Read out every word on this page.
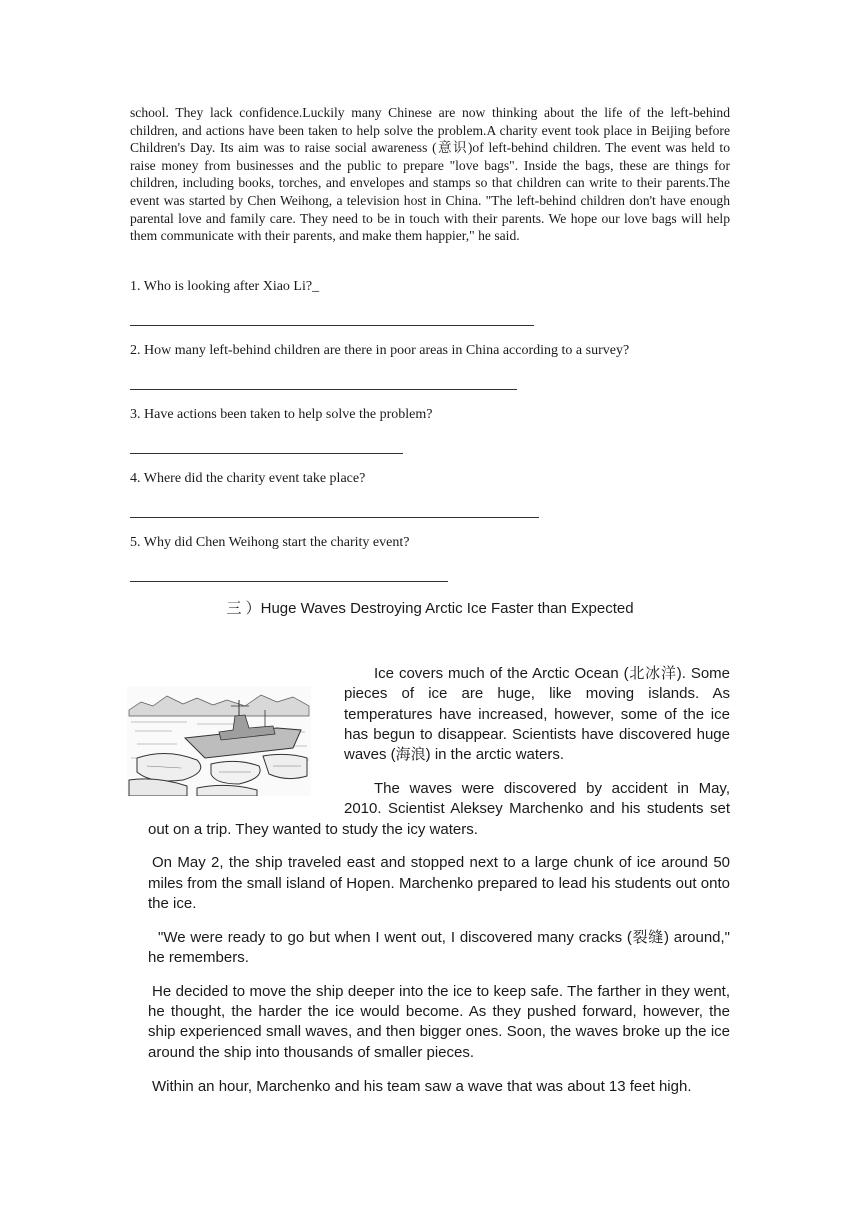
school. They lack confidence.Luckily many Chinese are now thinking about the life of the left-behind children, and actions have been taken to help solve the problem.A charity event took place in Beijing before Children's Day. Its aim was to raise social awareness (意识)of left-behind children. The event was held to raise money from businesses and the public to prepare "love bags". Inside the bags, these are things for children, including books, torches, and envelopes and stamps so that children can write to their parents.The event was started by Chen Weihong, a television host in China. "The left-behind children don't have enough parental love and family care. They need to be in touch with their parents. We hope our love bags will help them communicate with their parents, and make them happier," he said.

1. Who is looking after Xiao Li?_

2. How many left-behind children are there in poor areas in China according to a survey?

3. Have actions been taken to help solve the problem?

4. Where did the charity event take place?

5. Why did Chen Weihong start the charity event?

三 ）Huge Waves Destroying Arctic Ice Faster than Expected

Ice covers much of the Arctic Ocean (北冰洋). Some pieces of ice are huge, like moving islands. As temperatures have increased, however, some of the ice has begun to disappear. Scientists have discovered huge waves (海浪) in the arctic waters.

The waves were discovered by accident in May, 2010. Scientist Aleksey Marchenko and his students set out on a trip. They wanted to study the icy waters.

On May 2, the ship traveled east and stopped next to a large chunk of ice around 50 miles from the small island of Hopen. Marchenko prepared to lead his students out onto the ice.

"We were ready to go but when I went out, I discovered many cracks (裂缝) around," he remembers.

He decided to move the ship deeper into the ice to keep safe. The farther in they went, he thought, the harder the ice would become. As they pushed forward, however, the ship experienced small waves, and then bigger ones. Soon, the waves broke up the ice around the ship into thousands of smaller pieces.

Within an hour, Marchenko and his team saw a wave that was about 13 feet high.
